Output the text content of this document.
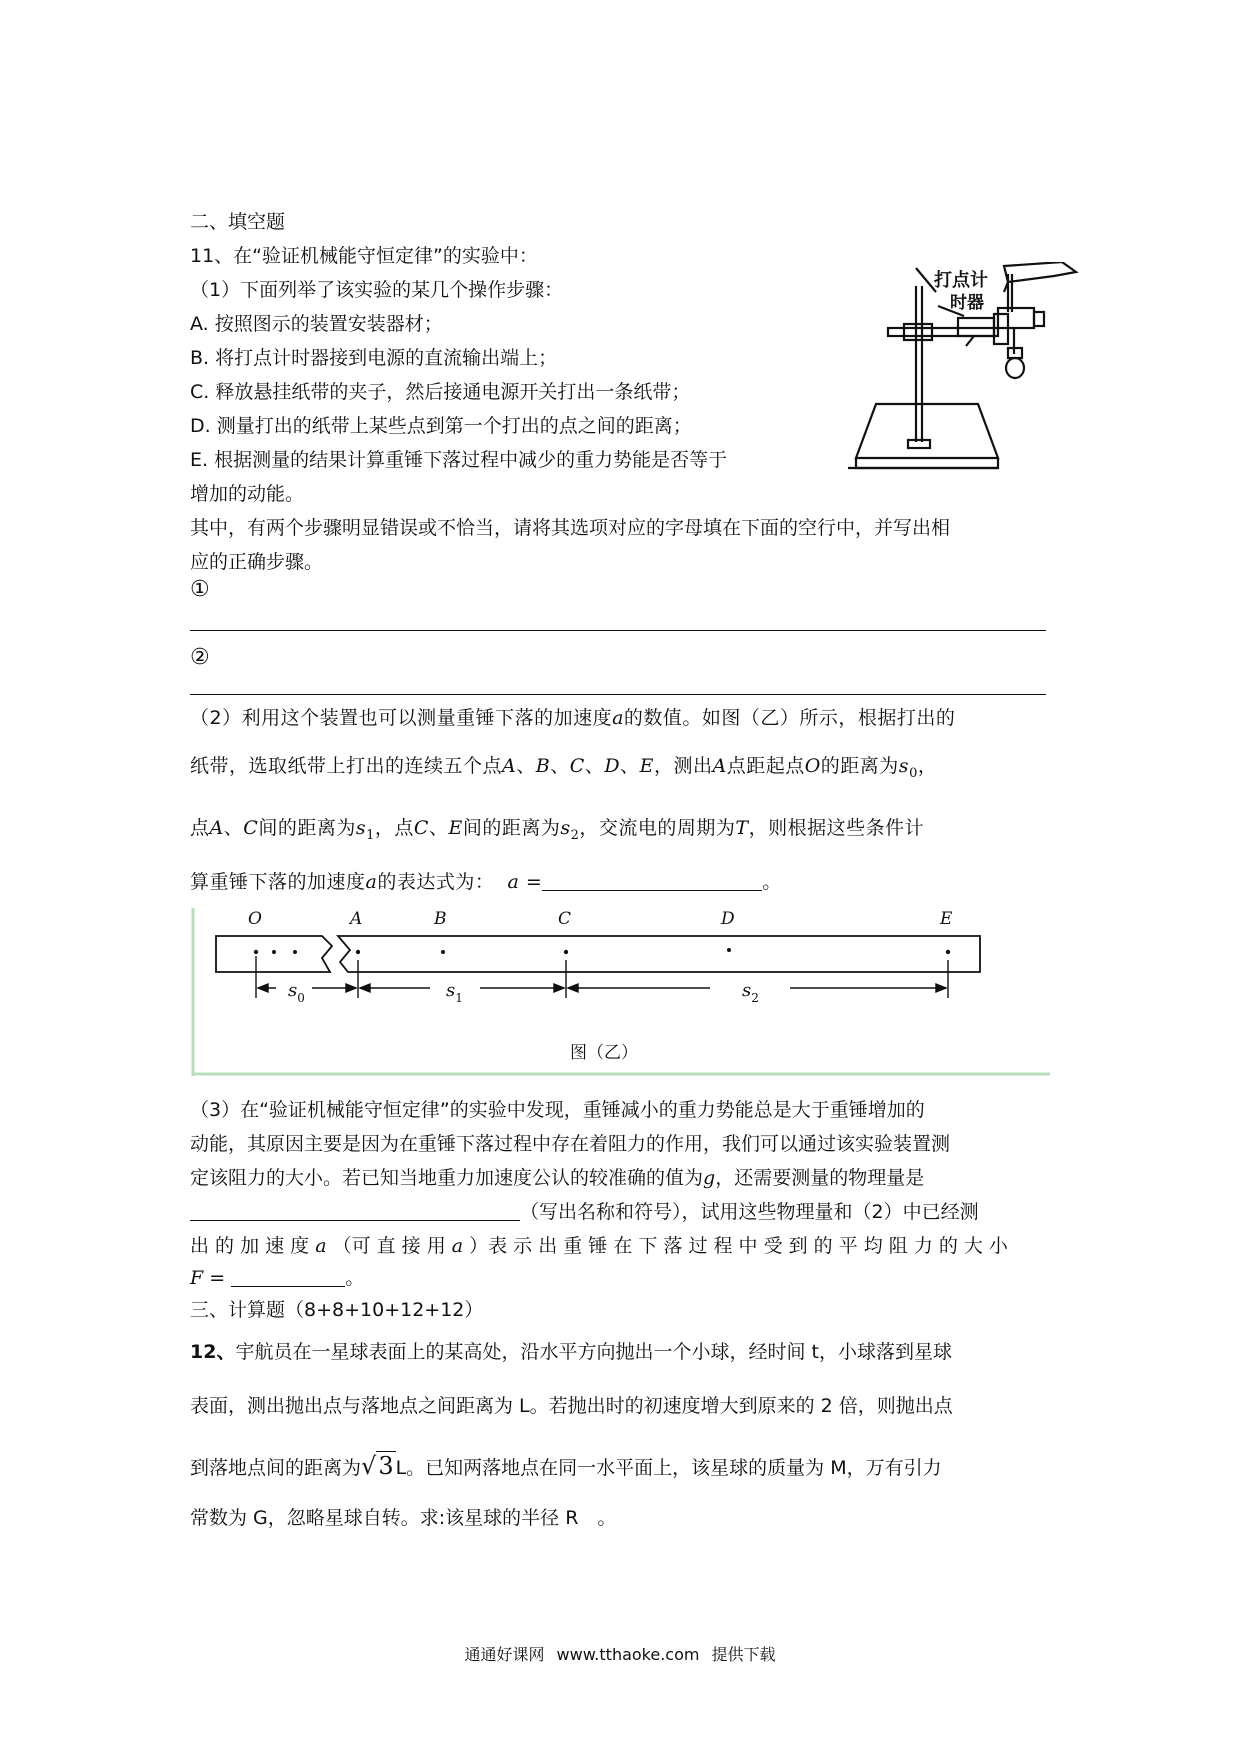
二、填空题
11、在“验证机械能守恒定律”的实验中：
（1）下面列举了该实验的某几个操作步骤：
A. 按照图示的装置安装器材；
B. 将打点计时器接到电源的直流输出端上；
C. 释放悬挂纸带的夹子，然后接通电源开关打出一条纸带；
D. 测量打出的纸带上某些点到第一个打出的点之间的距离；
E. 根据测量的结果计算重锤下落过程中减少的重力势能是否等于
增加的动能。
其中，有两个步骤明显错误或不恰当，请将其选项对应的字母填在下面的空行中，并写出相
应的正确步骤。
打点计
时器
①
②
（2）利用这个装置也可以测量重锤下落的加速度a的数值。如图（乙）所示，根据打出的
纸带，选取纸带上打出的连续五个点A、B、C、D、E，测出A点距起点O的距离为$s_0$，
点A、C间的距离为$s_1$，点C、E间的距离为$s_2$，交流电的周期为T，则根据这些条件计
算重锤下落的加速度a的表达式为： a =	。
O	A	B	C	D	E
$s_0$	$s_1$	$s_2$
图（乙）
（3）在“验证机械能守恒定律”的实验中发现，重锤减小的重力势能总是大于重锤增加的
动能，其原因主要是因为在重锤下落过程中存在着阻力的作用，我们可以通过该实验装置测
定该阻力的大小。若已知当地重力加速度公认的较准确的值为g，还需要测量的物理量是
（写出名称和符号），试用这些物理量和（2）中已经测
出 的 加 速 度 a （可 直 接 用 a ）表 示 出 重 锤 在 下 落 过 程 中 受 到 的 平 均 阻 力 的 大 小
F =	。
三、计算题（8+8+10+12+12）
12、宇航员在一星球表面上的某高处，沿水平方向抛出一个小球，经时间 t，小球落到星球
表面，测出抛出点与落地点之间距离为 L。若抛出时的初速度增大到原来的 2 倍，则抛出点
到落地点间的距离为√3 L。已知两落地点在同一水平面上，该星球的质量为 M，万有引力
常数为 G，忽略星球自转。求:该星球的半径 R　。
通通好课网 www.tthaoke.com 提供下载
